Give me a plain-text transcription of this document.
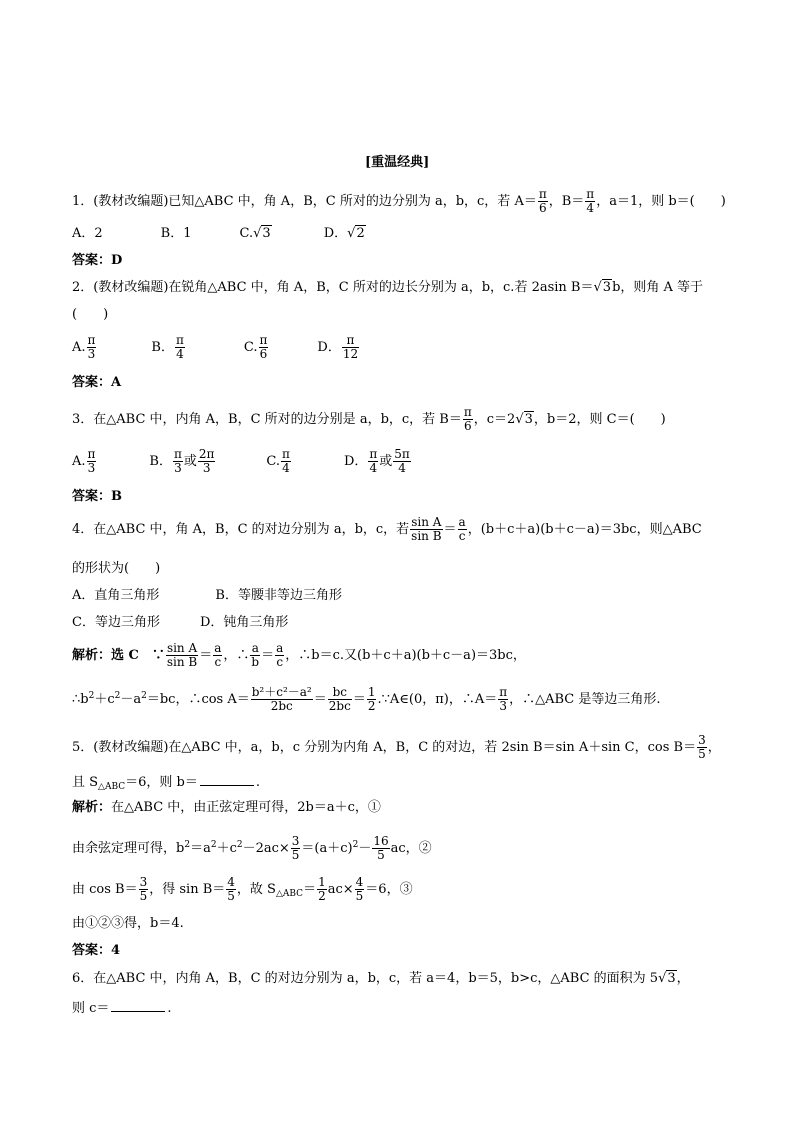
[重温经典]
1．(教材改编题)已知△ABC 中，角 A，B，C 所对的边分别为 a，b，c，若 $A= \frac{\pi}{6}$ ，$B= \frac{\pi}{4}$ ，a＝1，则 b＝(　　)
A．2	B．1	C.√3	D．√2
答案：D
2．(教材改编题)在锐角△ABC 中，角 A，B，C 所对的边长分别为 a，b，c.若 2asin B＝√3b，则角 A 等于
(　　)
A. $\frac{\pi}{3}$	B． $\frac{\pi}{4}$	C. $\frac{\pi}{6}$	D． $\frac{\pi}{12}$
答案：A
3．在△ABC 中，内角 A，B，C 所对的边分别是 a，b，c，若 $B= \frac{\pi}{6}$ ，c＝2√3，b＝2，则 C＝(　　)
A. $\frac{\pi}{3}$	B． $\frac{\pi}{3}$ 或 $\frac{2\pi}{3}$	C. $\frac{\pi}{4}$	D． $\frac{\pi}{4}$ 或 $\frac{5\pi}{4}$
答案：B
4．在△ABC 中，角 A，B，C 的对边分别为 a，b，c，若 $\frac{\text{sin A}}{\text{sin B}} = \frac{a}{c}$ ，(b＋c＋a)(b＋c－a)＝3bc，则△ABC
的形状为(　　)
A．直角三角形	B．等腰非等边三角形
C．等边三角形	D．钝角三角形
解析：选 C　∵ $\frac{\text{sin A}}{\text{sin B}} = \frac{a}{c}$ ，∴ $\frac{a}{b} = \frac{a}{c}$ ，∴b＝c.又(b＋c＋a)(b＋c－a)＝3bc，
$\therefore b^2+c^2-a^2=bc$，∴cos $A= \frac{\text{b²＋c²－a²}}{2bc} = \frac{bc}{2bc} = \frac{1}{2}$ .∵A∈(0，π)，∴A＝ $\frac{\pi}{3}$ ，∴△ABC 是等边三角形.
5．(教材改编题)在△ABC 中，a，b，c 分别为内角 A，B，C 的对边，若 2sin B＝sin A＋sin C，$\cos B= \frac{3}{5}$ ，
且 $S_{\triangle ABC}=6$，则 b＝	.
解析：在△ABC 中，由正弦定理可得，2b＝a＋c，①
由余弦定理可得，$b^2=a^2+c^2-2ac\times \frac{3}{5} =(a+c)^2- \frac{16}{5}$ ac，②
由 $\cos B= \frac{3}{5}$ ，得 $\sin B= \frac{4}{5}$ ，故 $S_{\triangle ABC}= \frac{1}{2} ac\times \frac{4}{5} =6$，③
由①②③得，b＝4.
答案：4
6．在△ABC 中，内角 A，B，C 的对边分别为 a，b，c，若 a＝4，b＝5，b>c，△ABC 的面积为 5√3，
则 c＝	.
